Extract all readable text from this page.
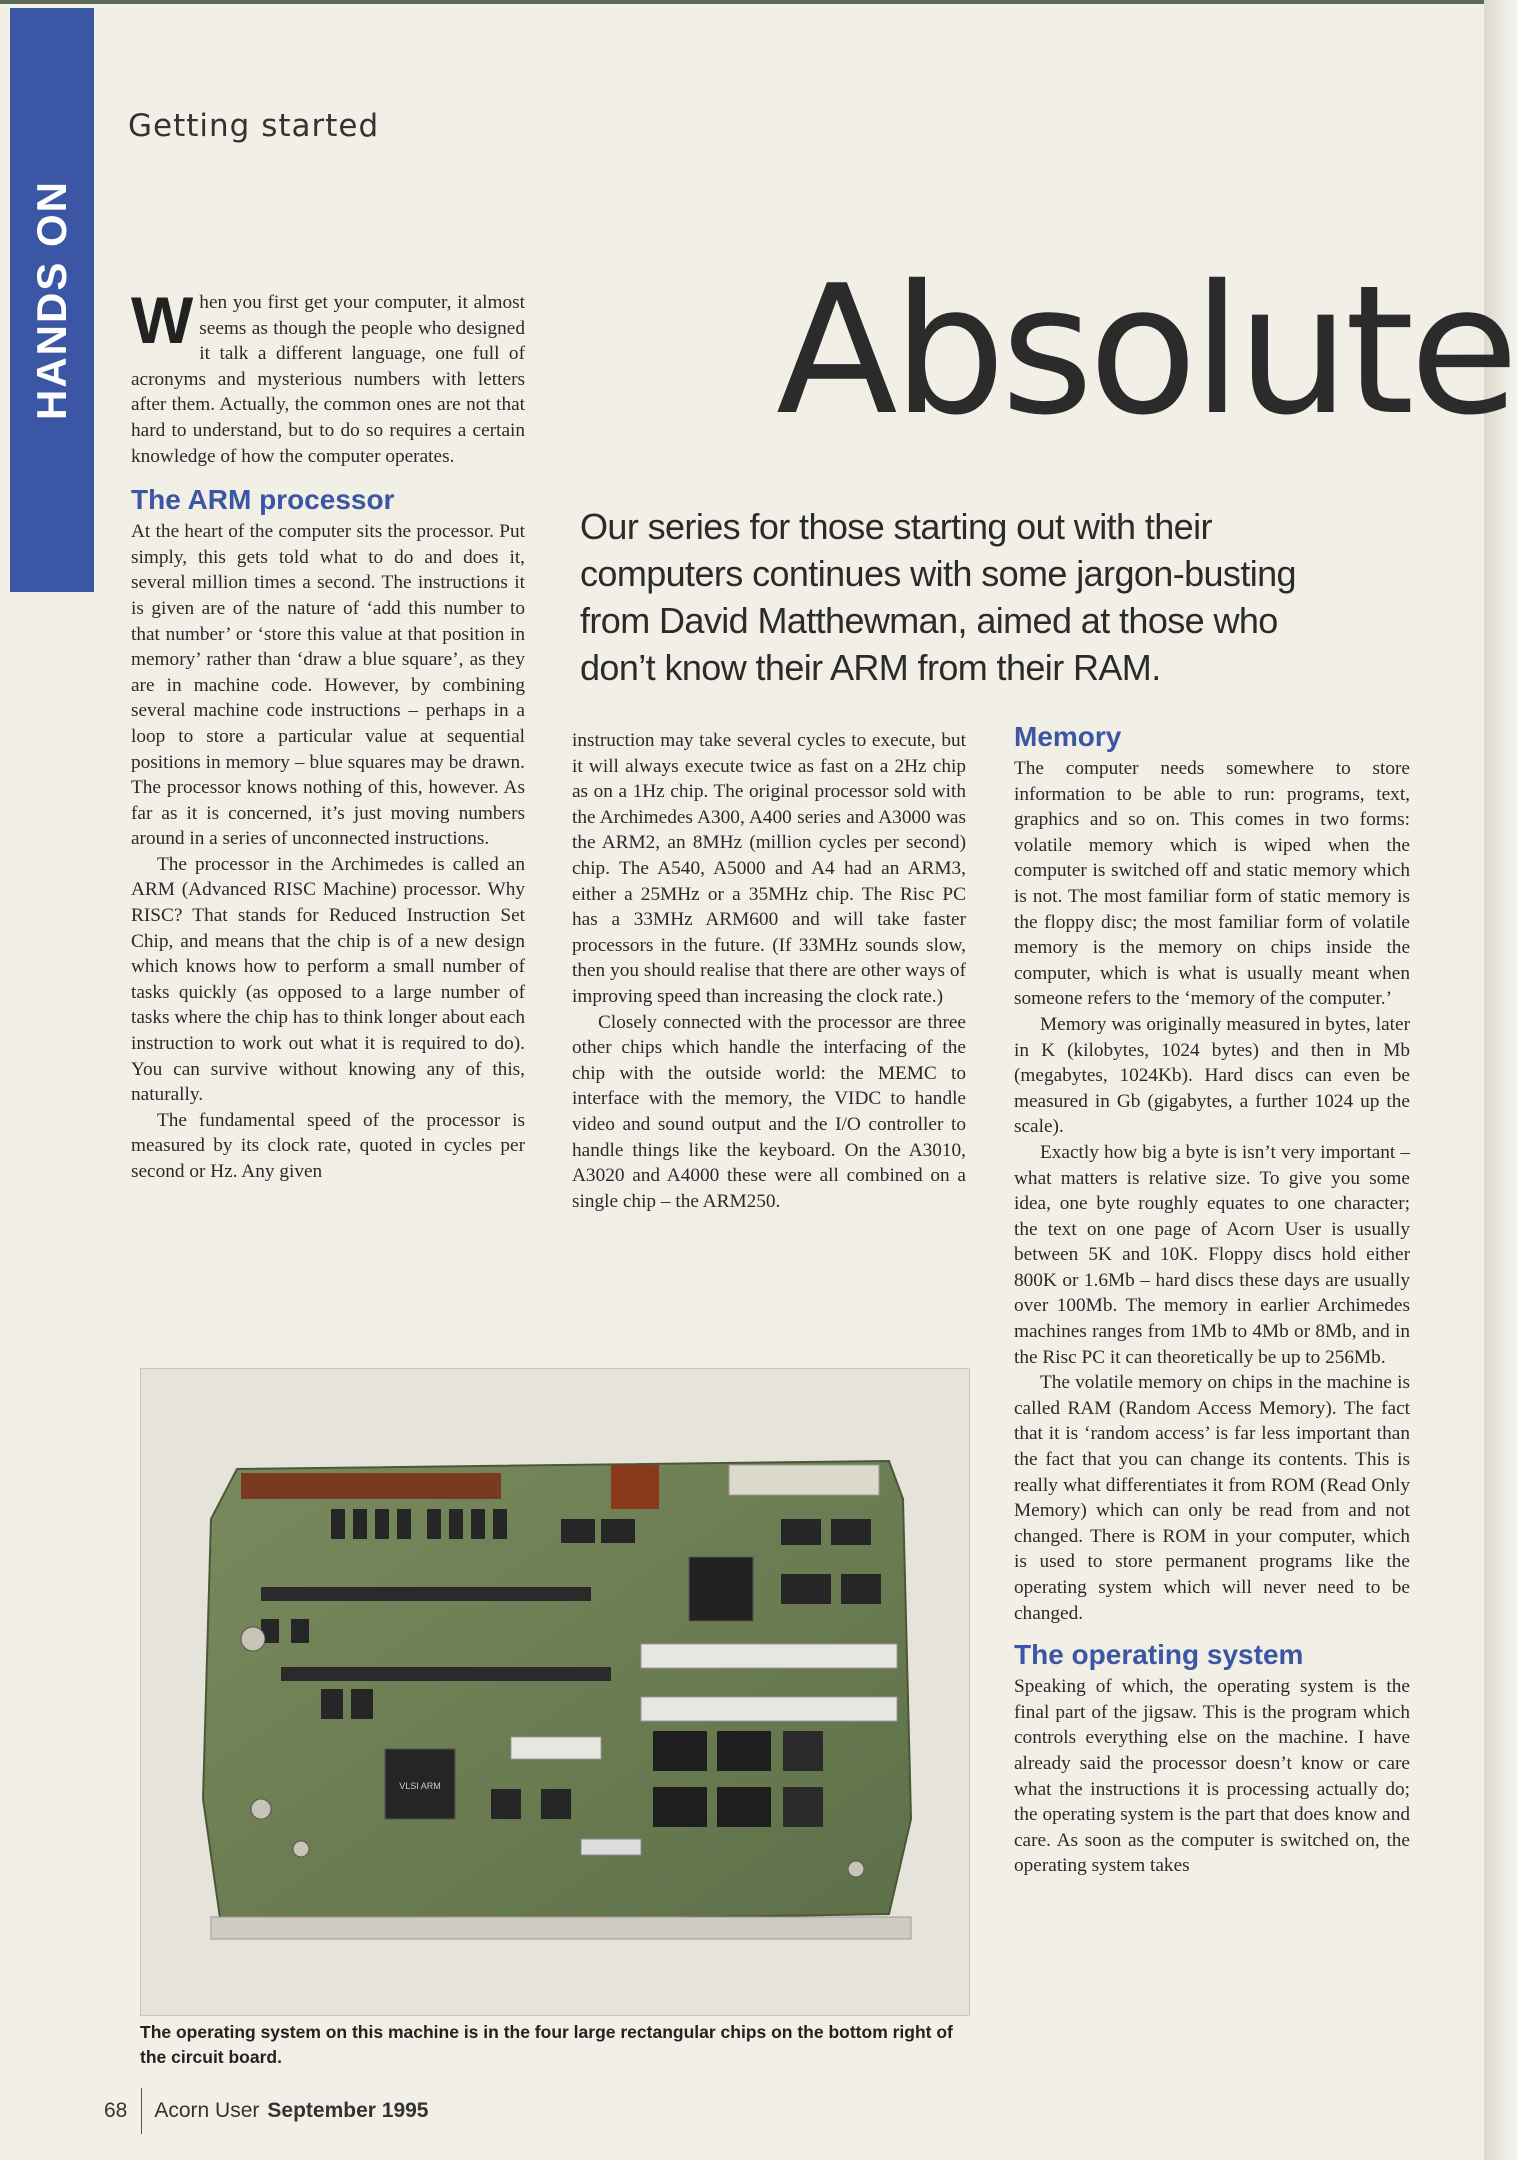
HANDS ON
Getting started
Absolute
Our series for those starting out with their computers continues with some jargon-busting from David Matthewman, aimed at those who don’t know their ARM from their RAM.

When you first get your computer, it almost seems as though the people who designed it talk a different language, one full of acronyms and mysterious numbers with letters after them. Actually, the common ones are not that hard to understand, but to do so requires a certain knowledge of how the computer operates.

The ARM processor

At the heart of the computer sits the processor. Put simply, this gets told what to do and does it, several million times a second. The instructions it is given are of the nature of ‘add this number to that number’ or ‘store this value at that position in memory’ rather than ‘draw a blue square’, as they are in machine code. However, by combining several machine code instructions – perhaps in a loop to store a particular value at sequential positions in memory – blue squares may be drawn. The processor knows nothing of this, however. As far as it is concerned, it’s just moving numbers around in a series of unconnected instructions.

The processor in the Archimedes is called an ARM (Advanced RISC Machine) processor. Why RISC? That stands for Reduced Instruction Set Chip, and means that the chip is of a new design which knows how to perform a small number of tasks quickly (as opposed to a large number of tasks where the chip has to think longer about each instruction to work out what it is required to do). You can survive without knowing any of this, naturally.

The fundamental speed of the processor is measured by its clock rate, quoted in cycles per second or Hz. Any given

instruction may take several cycles to execute, but it will always execute twice as fast on a 2Hz chip as on a 1Hz chip. The original processor sold with the Archimedes A300, A400 series and A3000 was the ARM2, an 8MHz (million cycles per second) chip. The A540, A5000 and A4 had an ARM3, either a 25MHz or a 35MHz chip. The Risc PC has a 33MHz ARM600 and will take faster processors in the future. (If 33MHz sounds slow, then you should realise that there are other ways of improving speed than increasing the clock rate.)

Closely connected with the processor are three other chips which handle the interfacing of the chip with the outside world: the MEMC to interface with the memory, the VIDC to handle video and sound output and the I/O controller to handle things like the keyboard. On the A3010, A3020 and A4000 these were all combined on a single chip – the ARM250.

Memory

The computer needs somewhere to store information to be able to run: programs, text, graphics and so on. This comes in two forms: volatile memory which is wiped when the computer is switched off and static memory which is not. The most familiar form of static memory is the floppy disc; the most familiar form of volatile memory is the memory on chips inside the computer, which is what is usually meant when someone refers to the ‘memory of the computer.’

Memory was originally measured in bytes, later in K (kilobytes, 1024 bytes) and then in Mb (megabytes, 1024Kb). Hard discs can even be measured in Gb (gigabytes, a further 1024 up the scale).

Exactly how big a byte is isn’t very important – what matters is relative size. To give you some idea, one byte roughly equates to one character; the text on one page of Acorn User is usually between 5K and 10K. Floppy discs hold either 800K or 1.6Mb – hard discs these days are usually over 100Mb. The memory in earlier Archimedes machines ranges from 1Mb to 4Mb or 8Mb, and in the Risc PC it can theoretically be up to 256Mb.

The volatile memory on chips in the machine is called RAM (Random Access Memory). The fact that it is ‘random access’ is far less important than the fact that you can change its contents. This is really what differentiates it from ROM (Read Only Memory) which can only be read from and not changed. There is ROM in your computer, which is used to store permanent programs like the operating system which will never need to be changed.

The operating system

Speaking of which, the operating system is the final part of the jigsaw. This is the program which controls everything else on the machine. I have already said the processor doesn’t know or care what the instructions it is processing actually do; the operating system is the part that does know and care. As soon as the computer is switched on, the operating system takes

VLSI ARM
The operating system on this machine is in the four large rectangular chips on the bottom right of the circuit board.
68 Acorn User September 1995
